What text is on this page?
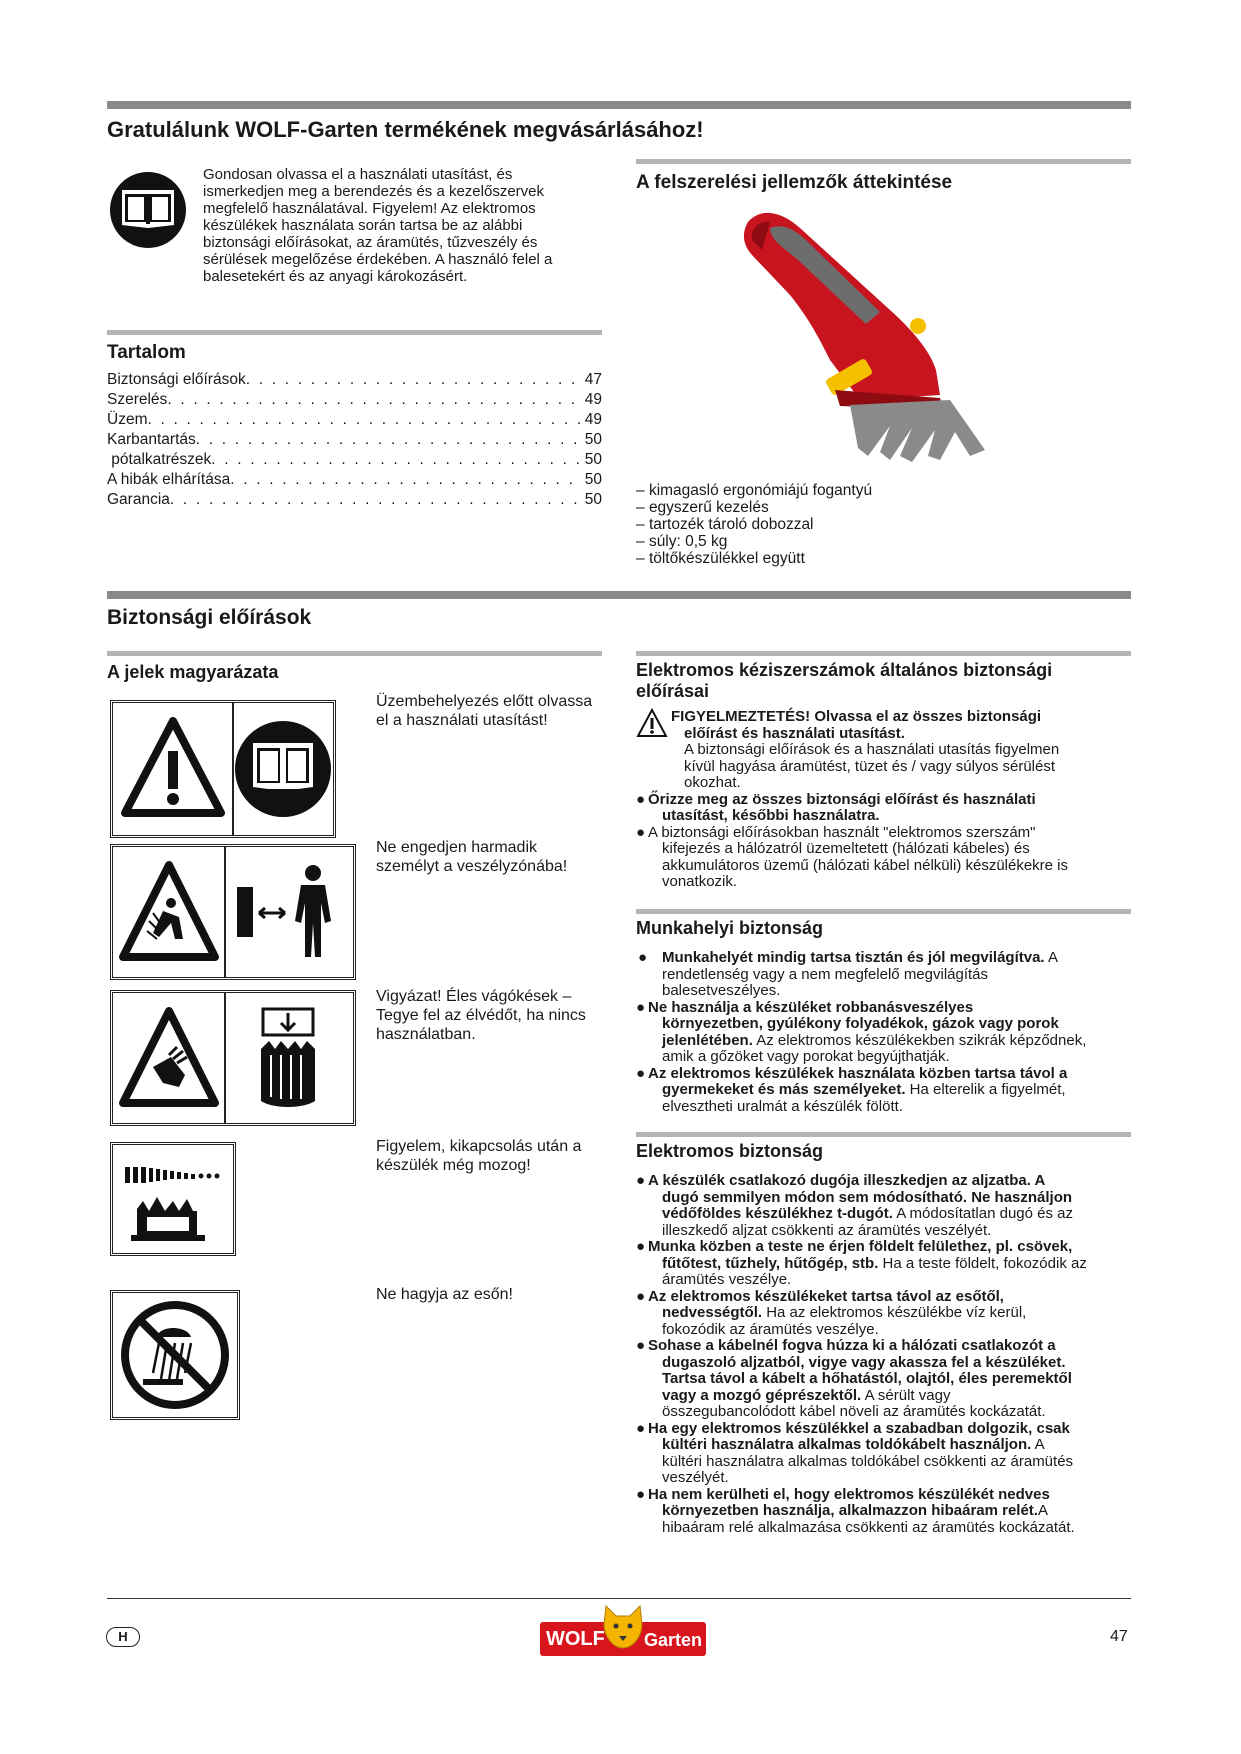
Gratulálunk WOLF-Garten termékének megvásárlásához!
Gondosan olvassa el a használati utasítást, és
ismerkedjen meg a berendezés és a kezelőszervek
megfelelő használatával. Figyelem! Az elektromos
készülékek használata során tartsa be az alábbi
biztonsági előírásokat, az áramütés, tűzveszély és
sérülések megelőzése érdekében. A használó felel a
balesetekért és az anyagi károkozásért.
A felszerelési jellemzők áttekintése
– kimagasló ergonómiájú fogantyú
– egyszerű kezelés
– tartozék tároló dobozzal
– súly: 0,5 kg
– töltőkészülékkel együtt
Tartalom
Biztonsági előírások . . .	47
Szerelés . . .	49
Üzem . . .	49
Karbantartás . . .	50
pótalkatrészek . . .	50
A hibák elhárítása . . .	50
Garancia . . .	50
Biztonsági előírások
A jelek magyarázata
Üzembehelyezés előtt olvassa
el a használati utasítást!
Ne engedjen harmadik
személyt a veszélyzónába!
Vigyázat! Éles vágókések –
Tegye fel az élvédőt, ha nincs
használatban.
Figyelem, kikapcsolás után a
készülék még mozog!
Ne hagyja az esőn!
Elektromos kéziszerszámok általános biztonsági
előírásai
FIGYELMEZTETÉS! Olvassa el az összes biztonsági
előírást és használati utasítást.
A biztonsági előírások és a használati utasítás figyelmen
kívül hagyása áramütést, tüzet és / vagy súlyos sérülést
okozhat.
● Őrizze meg az összes biztonsági előírást és használati
utasítást, későbbi használatra.
● A biztonsági előírásokban használt "elektromos szerszám"
kifejezés a hálózatról üzemeltetett (hálózati kábeles) és
akkumulátoros üzemű (hálózati kábel nélküli) készülékekre is
vonatkozik.
Munkahelyi biztonság
● Munkahelyét mindig tartsa tisztán és jól megvilágítva. A
rendetlenség vagy a nem megfelelő megvilágítás
balesetveszélyes.
● Ne használja a készüléket robbanásveszélyes
környezetben, gyúlékony folyadékok, gázok vagy porok
jelenlétében. Az elektromos készülékekben szikrák képződnek,
amik a gőzöket vagy porokat begyújthatják.
● Az elektromos készülékek használata közben tartsa távol a
gyermekeket és más személyeket. Ha elterelik a figyelmét,
elvesztheti uralmát a készülék fölött.
Elektromos biztonság
● A készülék csatlakozó dugója illeszkedjen az aljzatba. A
dugó semmilyen módon sem módosítható. Ne használjon
védőföldes készülékhez t-dugót. A módosítatlan dugó és az
illeszkedő aljzat csökkenti az áramütés veszélyét.
● Munka közben a teste ne érjen földelt felülethez, pl. csövek,
fűtőtest, tűzhely, hűtőgép, stb. Ha a teste földelt, fokozódik az
áramütés veszélye.
● Az elektromos készülékeket tartsa távol az esőtől,
nedvességtől. Ha az elektromos készülékbe víz kerül,
fokozódik az áramütés veszélye.
● Sohase a kábelnél fogva húzza ki a hálózati csatlakozót a
dugaszoló aljzatból, vigye vagy akassza fel a készüléket.
Tartsa távol a kábelt a hőhatástól, olajtól, éles peremektől
vagy a mozgó géprészektől. A sérült vagy
összegubancolódott kábel növeli az áramütés kockázatát.
● Ha egy elektromos készülékkel a szabadban dolgozik, csak
kültéri használatra alkalmas toldókábelt használjon. A
kültéri használatra alkalmas toldókábel csökkenti az áramütés
veszélyét.
● Ha nem kerülheti el, hogy elektromos készülékét nedves
környezetben használja, alkalmazzon hibaáram relét.A
hibaáram relé alkalmazása csökkenti az áramütés kockázatát.
H	WOLF Garten	47
